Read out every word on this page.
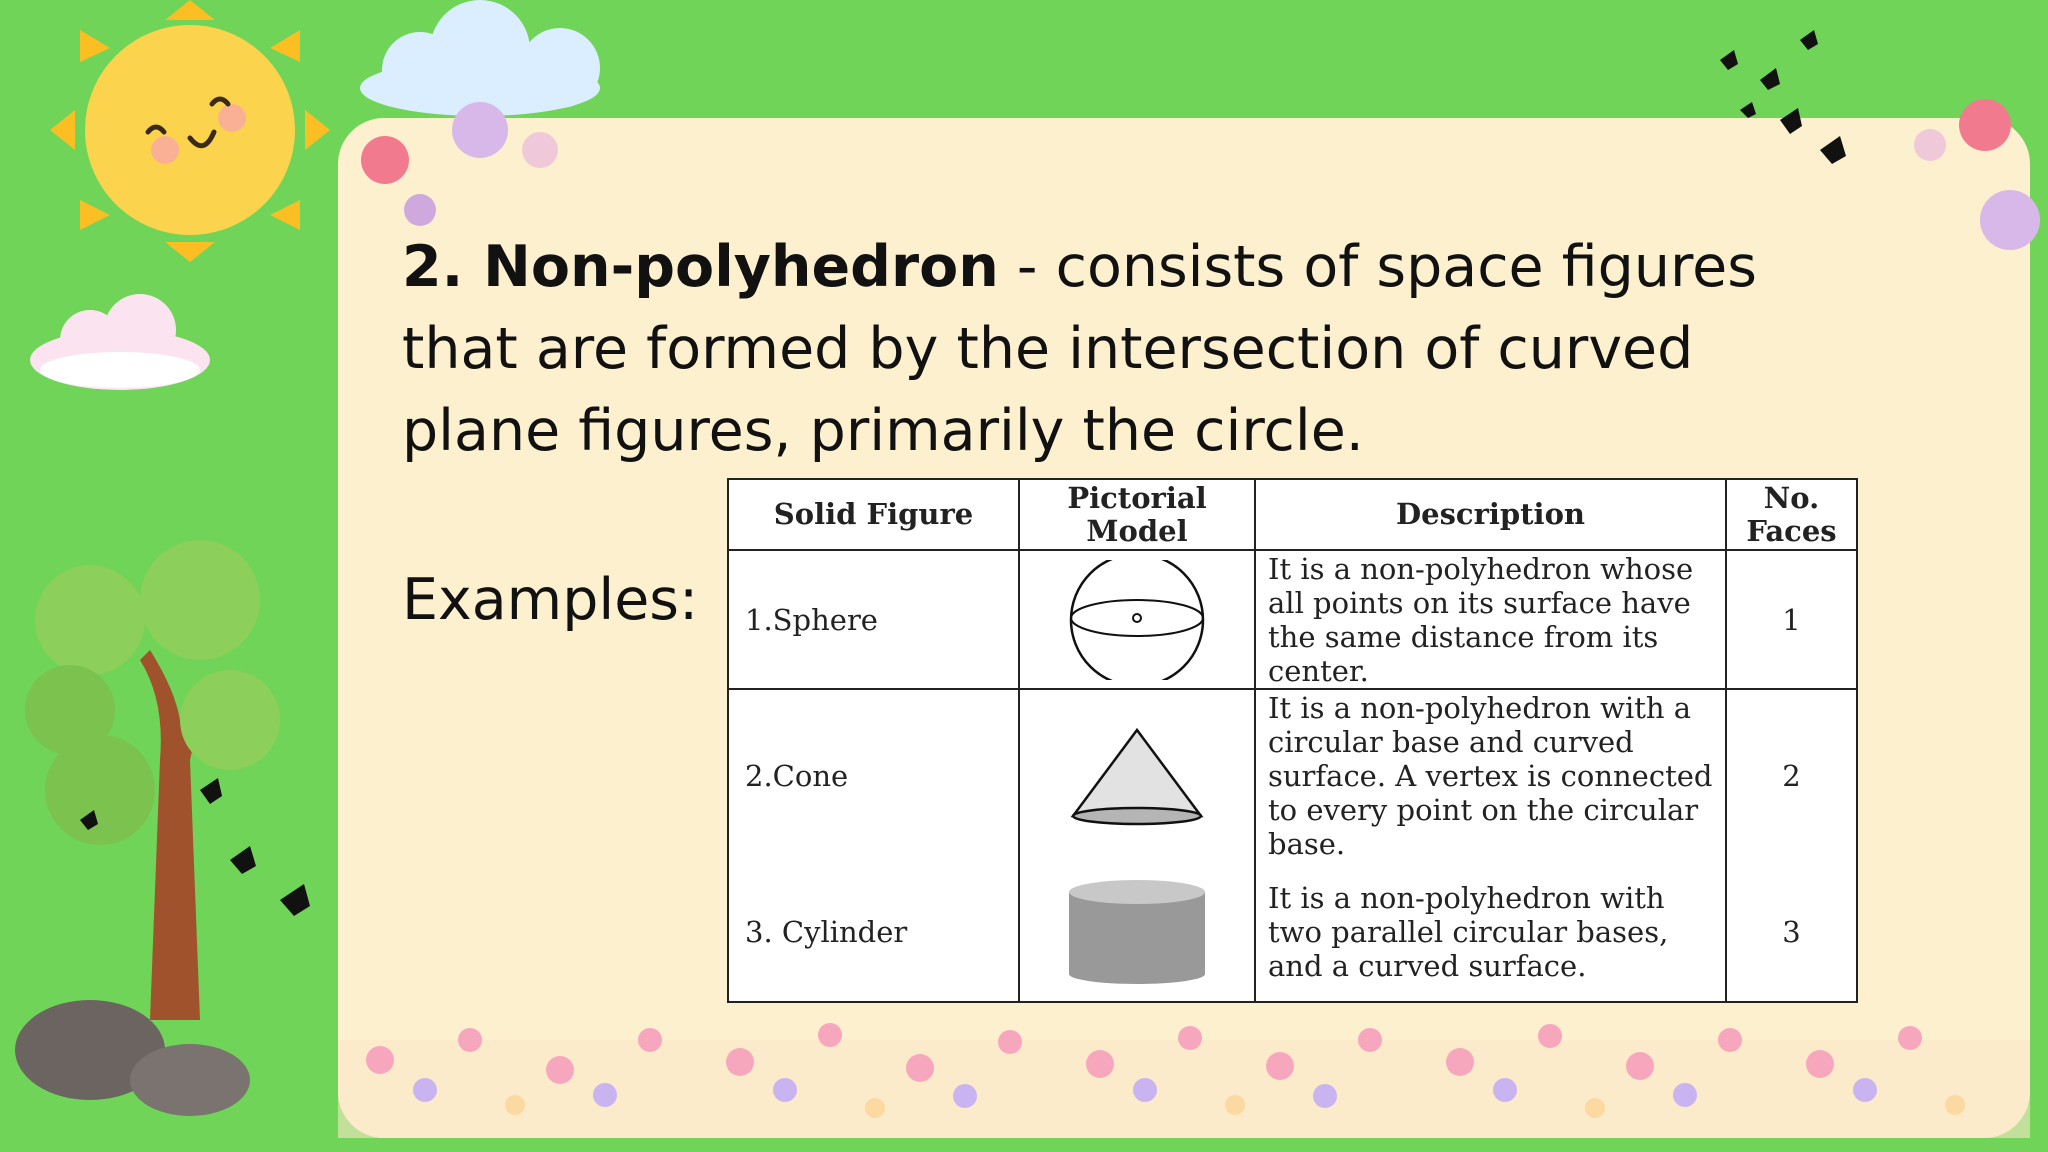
2. Non-polyhedron - consists of space figures that are formed by the intersection of curved plane figures, primarily the circle.

Examples:
Solid Figure	Pictorial Model	Description	No. Faces
1.Sphere		It is a non-polyhedron whose all points on its surface have the same distance from its center.	1
2.Cone		It is a non-polyhedron with a circular base and curved surface. A vertex is connected to every point on the circular base.	2
3. Cylinder		It is a non-polyhedron with two parallel circular bases, and a curved surface.	3
